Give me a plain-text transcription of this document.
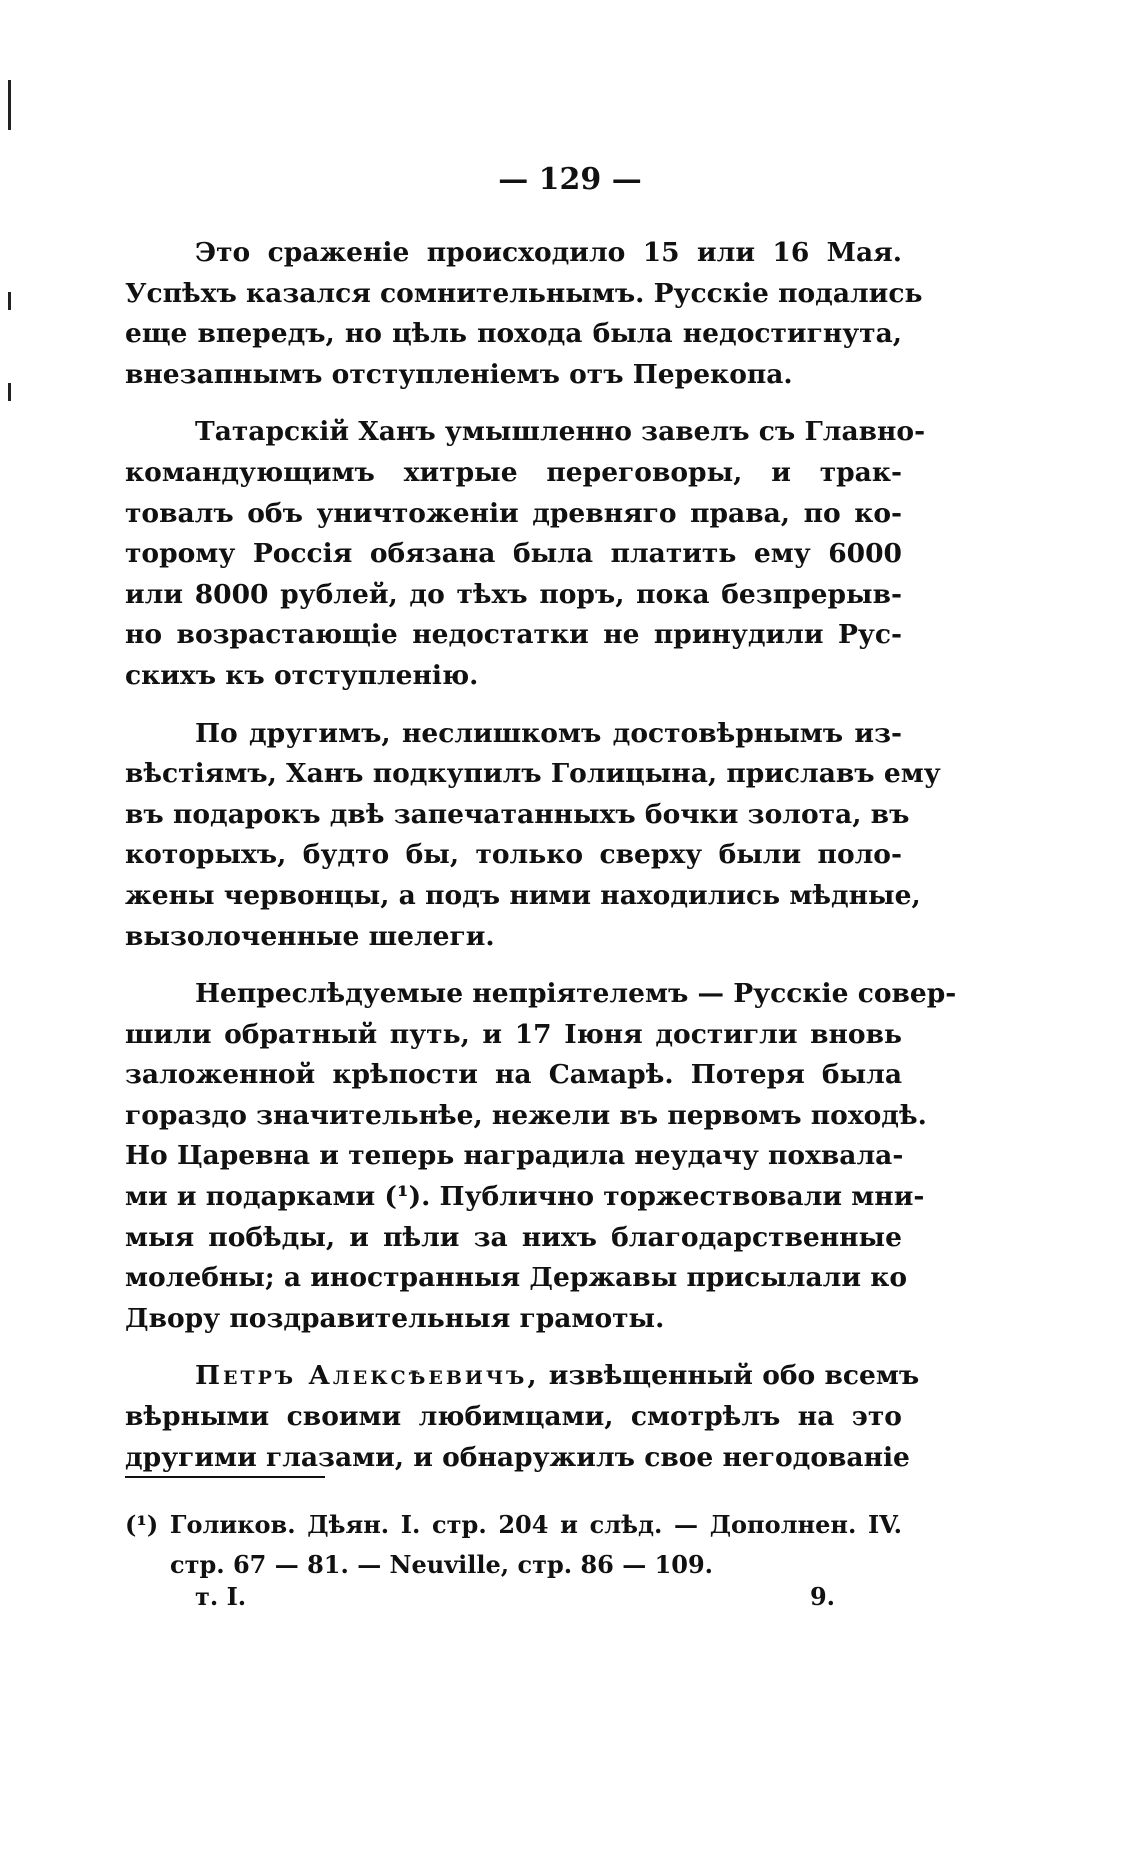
— 129 —
Это сраженіе происходило 15 или 16 Мая.
Успѣхъ казался сомнительнымъ. Русскіе подались
еще впередъ, но цѣль похода была недостигнута,
внезапнымъ отступленіемъ отъ Перекопа.
Татарскій Ханъ умышленно завелъ съ Главно-
командующимъ хитрые переговоры, и трак-
товалъ объ уничтоженіи древняго права, по ко-
торому Россія обязана была платить ему 6000
или 8000 рублей, до тѣхъ поръ, пока безпрерыв-
но возрастающіе недостатки не принудили Рус-
скихъ къ отступленію.
По другимъ, неслишкомъ достовѣрнымъ из-
вѣстіямъ, Ханъ подкупилъ Голицына, приславъ ему
въ подарокъ двѣ запечатанныхъ бочки золота, въ
которыхъ, будто бы, только сверху были поло-
жены червонцы, а подъ ними находились мѣдные,
вызолоченные шелеги.
Непреслѣдуемые непріятелемъ — Русскіе совер-
шили обратный путь, и 17 Іюня достигли вновь
заложенной крѣпости на Самарѣ. Потеря была
гораздо значительнѣе, нежели въ первомъ походѣ.
Но Царевна и теперь наградила неудачу похвала-
ми и подарками (¹). Публично торжествовали мни-
мыя побѣды, и пѣли за нихъ благодарственные
молебны; а иностранныя Державы присылали ко
Двору поздравительныя грамоты.
Петръ Алексѣевичъ, извѣщенный обо всемъ
вѣрными своими любимцами, смотрѣлъ на это
другими глазами, и обнаружилъ свое негодованіе
(¹) Голиков. Дѣян. I. стр. 204 и слѣд. — Дополнен. IV.
стр. 67 — 81. — Neuville, стр. 86 — 109.
т. I.	9.
